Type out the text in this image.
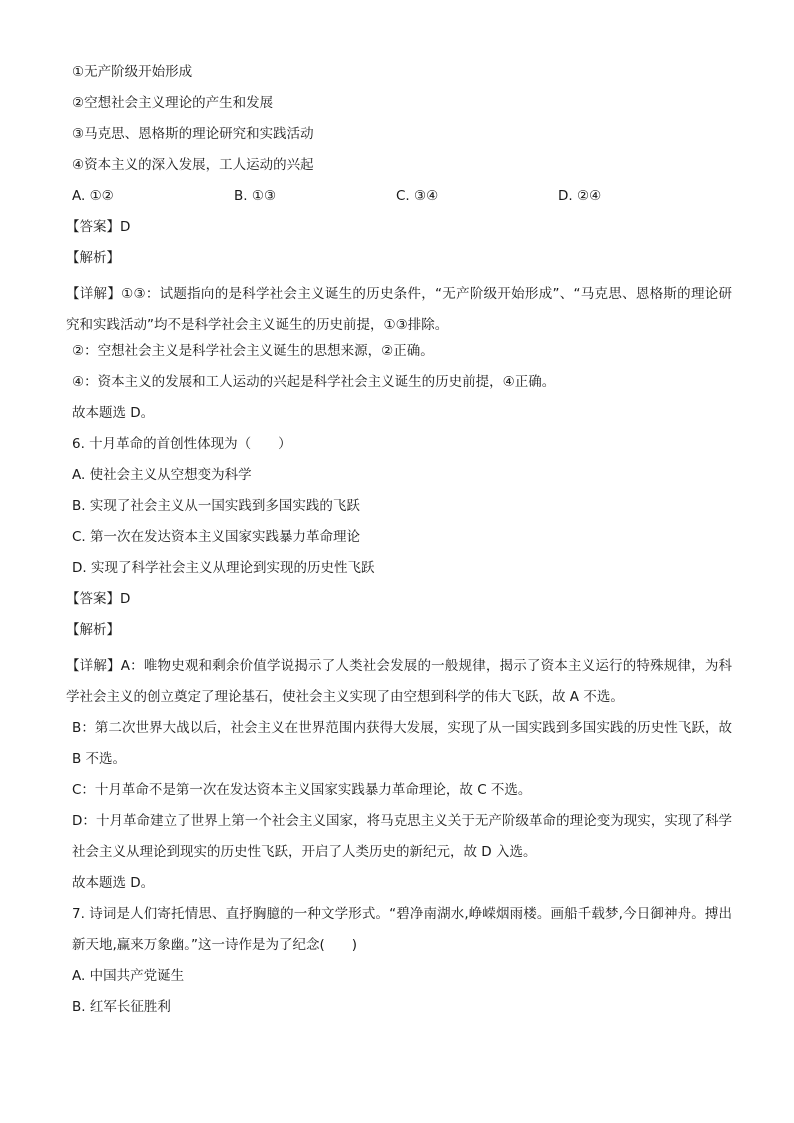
①无产阶级开始形成
②空想社会主义理论的产生和发展
③马克思、恩格斯的理论研究和实践活动
④资本主义的深入发展，工人运动的兴起
A. ①②	B. ①③	C. ③④	D. ②④
【答案】D
【解析】
【详解】①③：试题指向的是科学社会主义诞生的历史条件，“无产阶级开始形成”、“马克思、恩格斯的理论研究和实践活动”均不是科学社会主义诞生的历史前提，①③排除。
②：空想社会主义是科学社会主义诞生的思想来源，②正确。
④：资本主义的发展和工人运动的兴起是科学社会主义诞生的历史前提，④正确。
故本题选 D。
6. 十月革命的首创性体现为（　　）
A. 使社会主义从空想变为科学
B. 实现了社会主义从一国实践到多国实践的飞跃
C. 第一次在发达资本主义国家实践暴力革命理论
D. 实现了科学社会主义从理论到实现的历史性飞跃
【答案】D
【解析】
【详解】A：唯物史观和剩余价值学说揭示了人类社会发展的一般规律，揭示了资本主义运行的特殊规律，为科学社会主义的创立奠定了理论基石，使社会主义实现了由空想到科学的伟大飞跃，故 A 不选。
B：第二次世界大战以后，社会主义在世界范围内获得大发展，实现了从一国实践到多国实践的历史性飞跃，故 B 不选。
C：十月革命不是第一次在发达资本主义国家实践暴力革命理论，故 C 不选。
D：十月革命建立了世界上第一个社会主义国家，将马克思主义关于无产阶级革命的理论变为现实，实现了科学社会主义从理论到现实的历史性飞跃，开启了人类历史的新纪元，故 D 入选。
故本题选 D。
7. 诗词是人们寄托情思、直抒胸臆的一种文学形式。“碧净南湖水,峥嵘烟雨楼。画船千载梦,今日御神舟。搏出新天地,赢来万象幽。”这一诗作是为了纪念(　　)
A. 中国共产党诞生
B. 红军长征胜利
